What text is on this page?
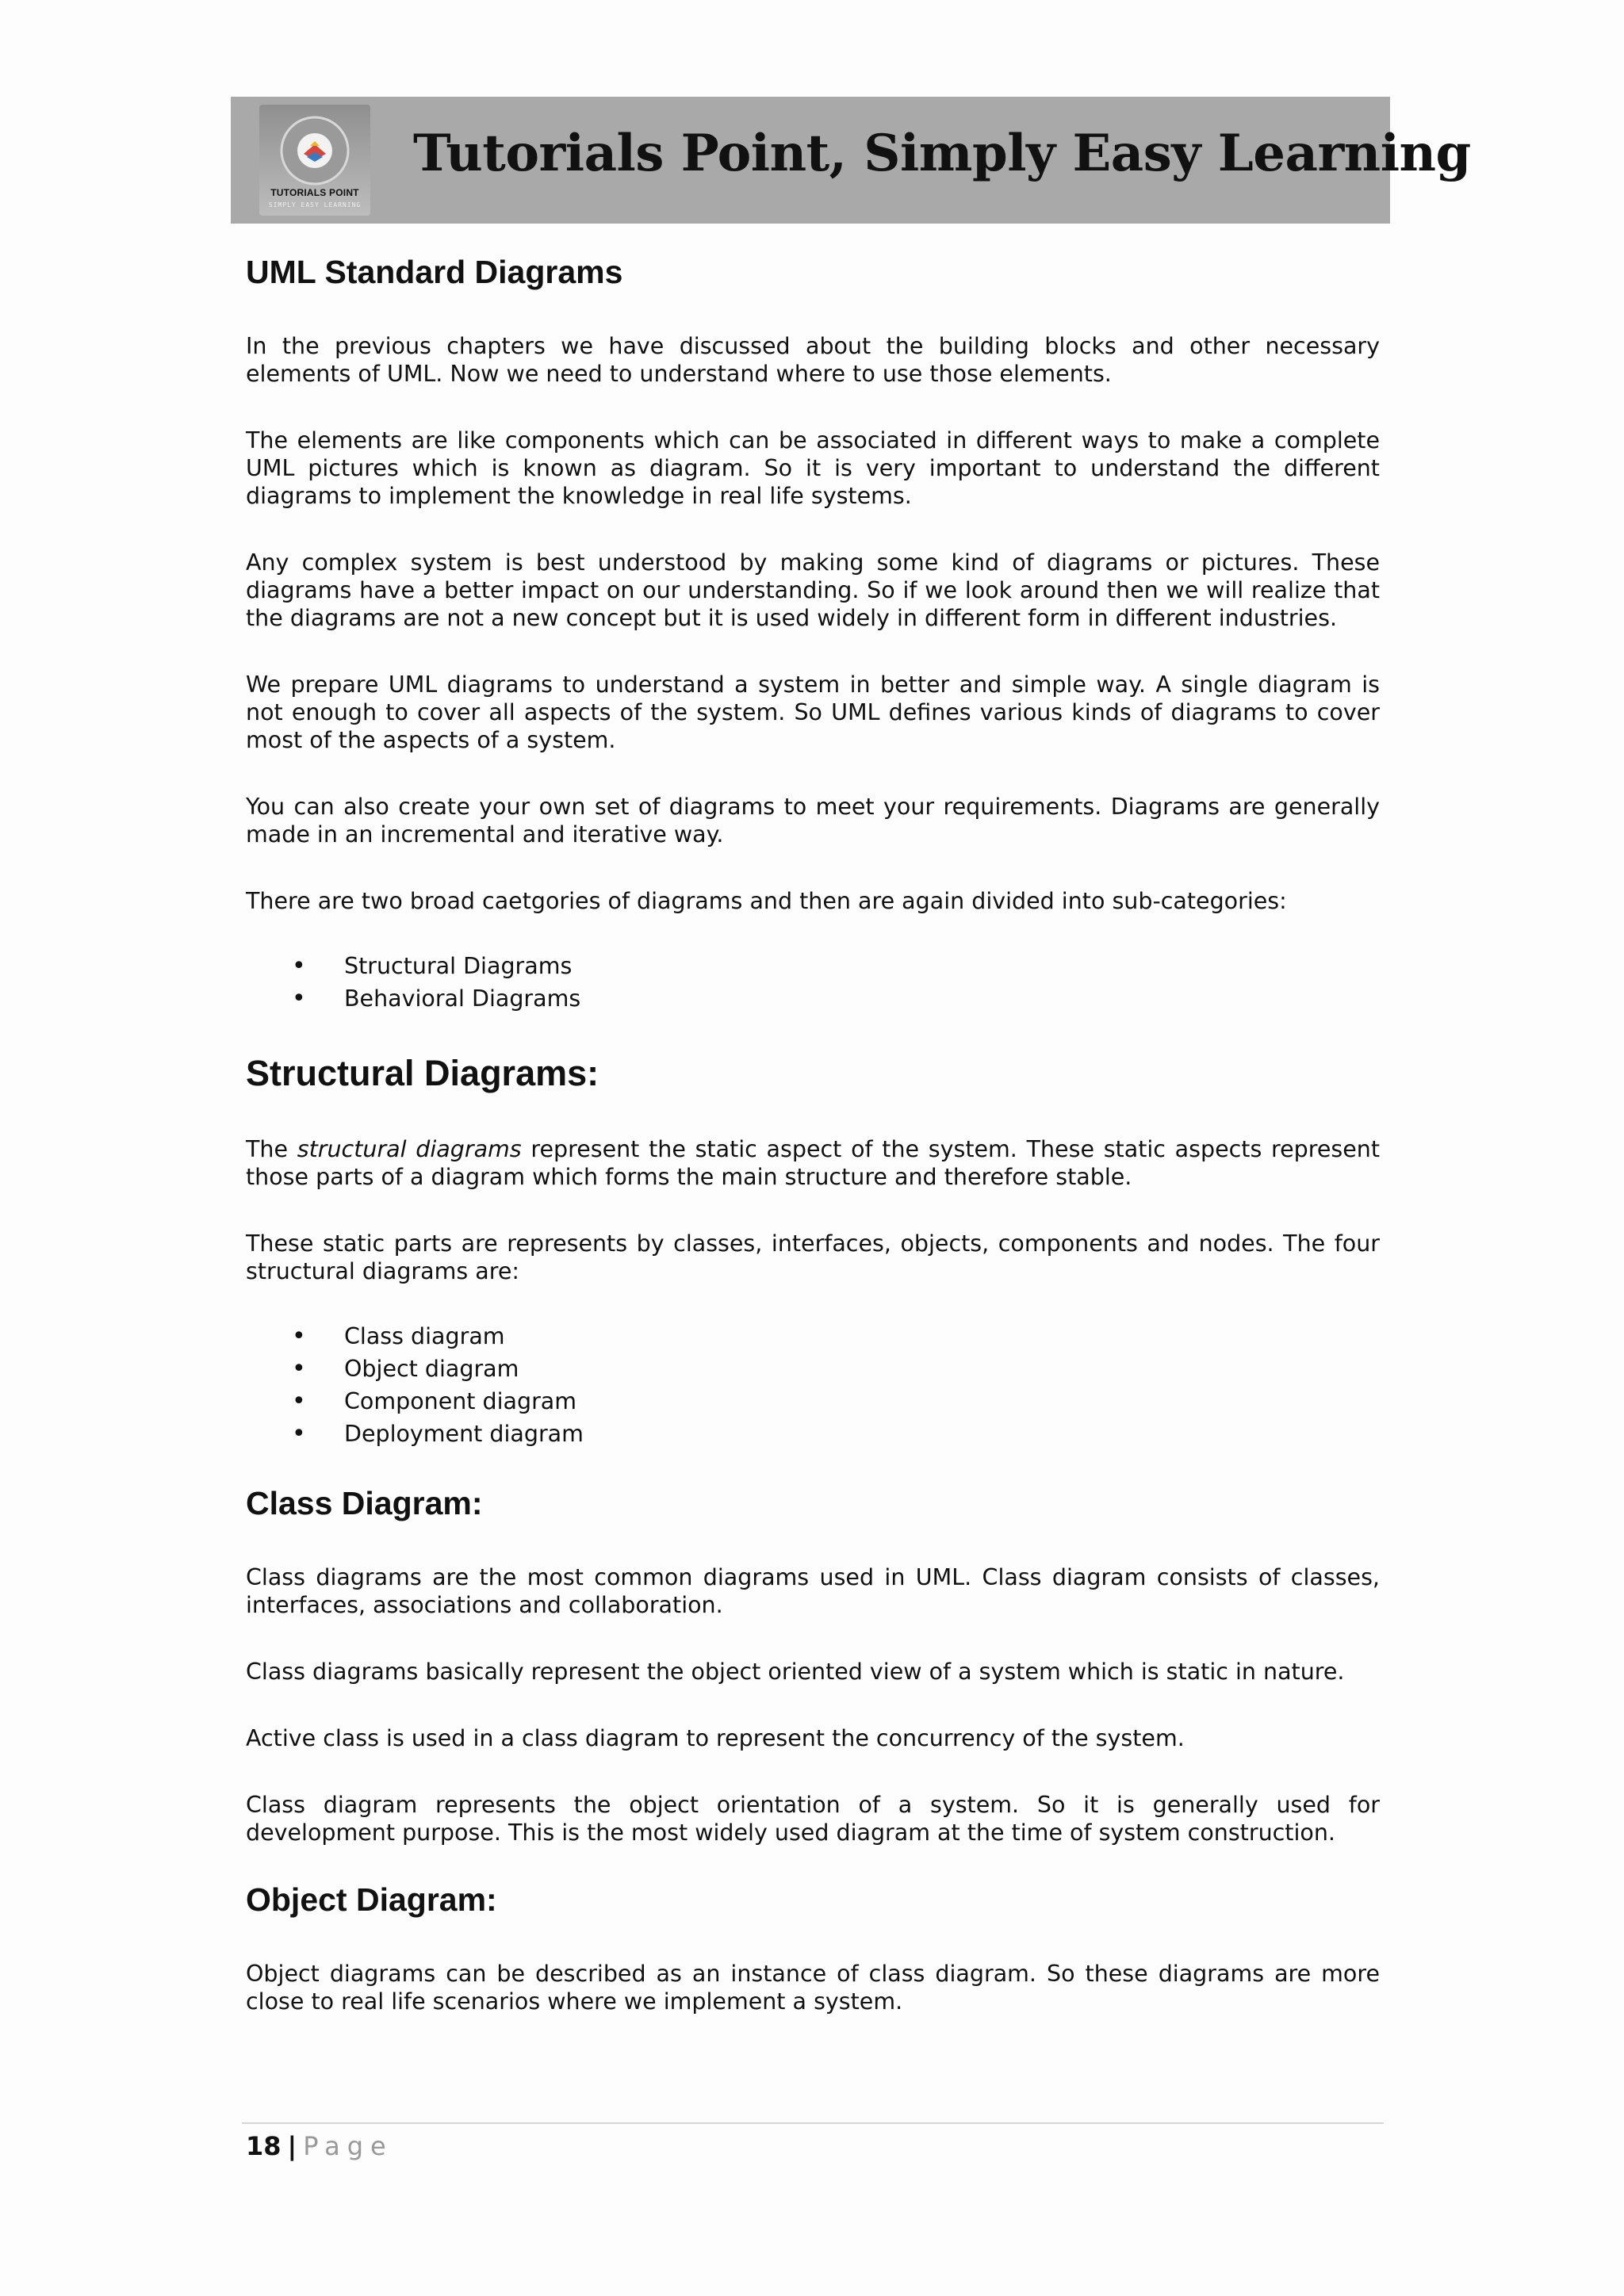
TUTORIALS POINT
SIMPLY EASY LEARNING
Tutorials Point, Simply Easy Learning
UML Standard Diagrams

In the previous chapters we have discussed about the building blocks and other necessary elements of UML. Now we need to understand where to use those elements.

The elements are like components which can be associated in different ways to make a complete UML pictures which is known as diagram. So it is very important to understand the different diagrams to implement the knowledge in real life systems.

Any complex system is best understood by making some kind of diagrams or pictures. These diagrams have a better impact on our understanding. So if we look around then we will realize that the diagrams are not a new concept but it is used widely in different form in different industries.

We prepare UML diagrams to understand a system in better and simple way. A single diagram is not enough to cover all aspects of the system. So UML defines various kinds of diagrams to cover most of the aspects of a system.

You can also create your own set of diagrams to meet your requirements. Diagrams are generally made in an incremental and iterative way.

There are two broad caetgories of diagrams and then are again divided into sub-categories:

• Structural Diagrams
• Behavioral Diagrams
Structural Diagrams:

The structural diagrams represent the static aspect of the system. These static aspects represent those parts of a diagram which forms the main structure and therefore stable.

These static parts are represents by classes, interfaces, objects, components and nodes. The four structural diagrams are:

• Class diagram
• Object diagram
• Component diagram
• Deployment diagram
Class Diagram:

Class diagrams are the most common diagrams used in UML. Class diagram consists of classes, interfaces, associations and collaboration.

Class diagrams basically represent the object oriented view of a system which is static in nature.

Active class is used in a class diagram to represent the concurrency of the system.

Class diagram represents the object orientation of a system. So it is generally used for development purpose. This is the most widely used diagram at the time of system construction.

Object Diagram:

Object diagrams can be described as an instance of class diagram. So these diagrams are more close to real life scenarios where we implement a system.

18 | Page
